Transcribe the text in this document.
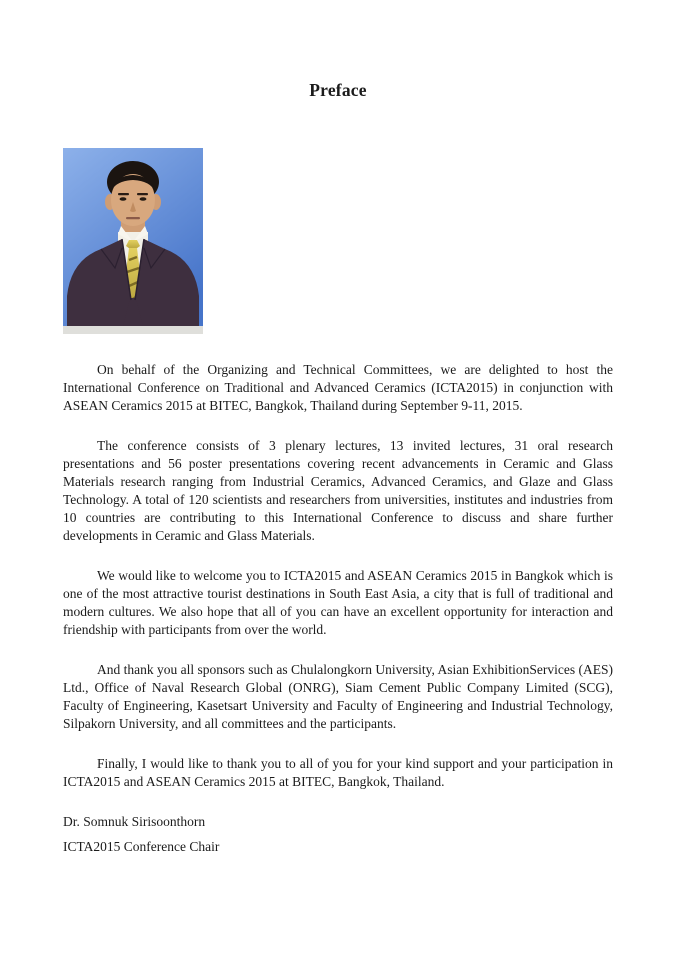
Preface

On behalf of the Organizing and Technical Committees, we are delighted to host the International Conference on Traditional and Advanced Ceramics (ICTA2015) in conjunction with ASEAN Ceramics 2015 at BITEC, Bangkok, Thailand during September 9-11, 2015.

The conference consists of 3 plenary lectures, 13 invited lectures, 31 oral research presentations and 56 poster presentations covering recent advancements in Ceramic and Glass Materials research ranging from Industrial Ceramics, Advanced Ceramics, and Glaze and Glass Technology. A total of 120 scientists and researchers from universities, institutes and industries from 10 countries are contributing to this International Conference to discuss and share further developments in Ceramic and Glass Materials.

We would like to welcome you to ICTA2015 and ASEAN Ceramics 2015 in Bangkok which is one of the most attractive tourist destinations in South East Asia, a city that is full of traditional and modern cultures. We also hope that all of you can have an excellent opportunity for interaction and friendship with participants from over the world.

And thank you all sponsors such as Chulalongkorn University, Asian ExhibitionServices (AES) Ltd., Office of Naval Research Global (ONRG), Siam Cement Public Company Limited (SCG), Faculty of Engineering, Kasetsart University and Faculty of Engineering and Industrial Technology, Silpakorn University, and all committees and the participants.

Finally, I would like to thank you to all of you for your kind support and your participation in ICTA2015 and ASEAN Ceramics 2015 at BITEC, Bangkok, Thailand.

Dr. Somnuk Sirisoonthorn

ICTA2015 Conference Chair
